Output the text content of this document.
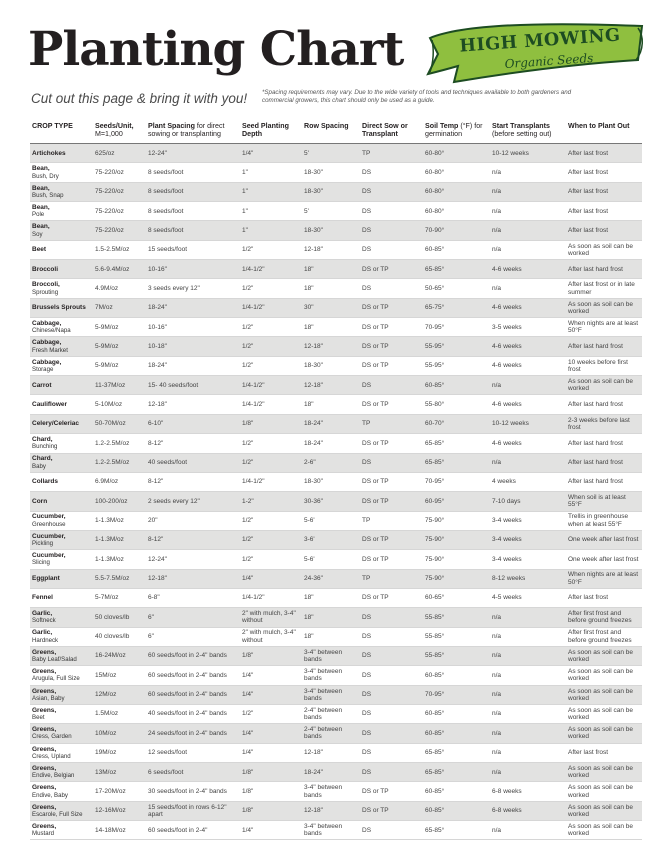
Planting Chart	HIGH MOWING
Organic Seeds

Cut out this page & bring it with you! *Spacing requirements may vary. Due to the wide variety of tools and techniques available to both gardeners and commercial growers, this chart should only be used as a guide.

CROP TYPE	Seeds/Unit, M=1,000	Plant Spacing for direct sowing or transplanting	Seed Planting Depth	Row Spacing	Direct Sow or Transplant	Soil Temp (°F) for germination	Start Transplants (before setting out)	When to Plant Out

Artichokes	625/oz	12-24"	1/4"	5'	TP	60-80°	10-12 weeks	After last frost

Bean,
Bush, Dry	75-220/oz	8 seeds/foot	1"	18-30"	DS	60-80°	n/a	After last frost

Bean,
Bush, Snap	75-220/oz	8 seeds/foot	1"	18-30"	DS	60-80°	n/a	After last frost

Bean,
Pole	75-220/oz	8 seeds/foot	1"	5'	DS	60-80°	n/a	After last frost

Bean,
Soy	75-220/oz	8 seeds/foot	1"	18-30"	DS	70-90°	n/a	After last frost

Beet	1.5-2.5M/oz	15 seeds/foot	1/2"	12-18"	DS	60-85°	n/a	As soon as soil can be worked

Broccoli	5.6-9.4M/oz	10-16"	1/4-1/2"	18"	DS or TP	65-85°	4-6 weeks	After last hard frost

Broccoli,
Sprouting	4.9M/oz	3 seeds every 12"	1/2"	18"	DS	50-65°	n/a	After last frost or in late summer

Brussels Sprouts	7M/oz	18-24"	1/4-1/2"	30"	DS or TP	65-75°	4-6 weeks	As soon as soil can be worked

Cabbage,
Chinese/Napa	5-9M/oz	10-16"	1/2"	18"	DS or TP	70-95°	3-5 weeks	When nights are at least 50°F

Cabbage,
Fresh Market	5-9M/oz	10-18"	1/2"	12-18"	DS or TP	55-95°	4-6 weeks	After last hard frost

Cabbage,
Storage	5-9M/oz	18-24"	1/2"	18-30"	DS or TP	55-95°	4-6 weeks	10 weeks before first frost

Carrot	11-37M/oz	15- 40 seeds/foot	1/4-1/2"	12-18"	DS	60-85°	n/a	As soon as soil can be worked

Cauliflower	5-10M/oz	12-18"	1/4-1/2"	18"	DS or TP	55-80°	4-6 weeks	After last hard frost

Celery/Celeriac	50-70M/oz	6-10"	1/8"	18-24"	TP	60-70°	10-12 weeks	2-3 weeks before last frost

Chard,
Bunching	1.2-2.5M/oz	8-12"	1/2"	18-24"	DS or TP	65-85°	4-6 weeks	After last hard frost

Chard,
Baby	1.2-2.5M/oz	40 seeds/foot	1/2"	2-6"	DS	65-85°	n/a	After last hard frost

Collards	6.9M/oz	8-12"	1/4-1/2"	18-30"	DS or TP	70-95°	4 weeks	After last hard frost

Corn	100-200/oz	2 seeds every 12"	1-2"	30-36"	DS or TP	60-95°	7-10 days	When soil is at least 55°F

Cucumber,
Greenhouse	1-1.3M/oz	20"	1/2"	5-6'	TP	75-90°	3-4 weeks	Trellis in greenhouse when at least 55°F

Cucumber,
Pickling	1-1.3M/oz	8-12"	1/2"	3-6'	DS or TP	75-90°	3-4 weeks	One week after last frost

Cucumber,
Slicing	1-1.3M/oz	12-24"	1/2"	5-6'	DS or TP	75-90°	3-4 weeks	One week after last frost

Eggplant	5.5-7.5M/oz	12-18"	1/4"	24-36"	TP	75-90°	8-12 weeks	When nights are at least 50°F

Fennel	5-7M/oz	6-8"	1/4-1/2"	18"	DS or TP	60-65°	4-5 weeks	After last frost

Garlic,
Softneck	50 cloves/lb	6"	2" with mulch, 3-4" without	18"	DS	55-85°	n/a	After first frost and before ground freezes

Garlic,
Hardneck	40 cloves/lb	6"	2" with mulch, 3-4" without	18"	DS	55-85°	n/a	After first frost and before ground freezes

Greens,
Baby Leaf/Salad	16-24M/oz	60 seeds/foot in 2-4" bands	1/8"	3-4" between bands	DS	55-85°	n/a	As soon as soil can be worked

Greens,
Arugula, Full Size	15M/oz	60 seeds/foot in 2-4" bands	1/4"	3-4" between bands	DS	60-85°	n/a	As soon as soil can be worked

Greens,
Asian, Baby	12M/oz	60 seeds/foot in 2-4" bands	1/4"	3-4" between bands	DS	70-95°	n/a	As soon as soil can be worked

Greens,
Beet	1.5M/oz	40 seeds/foot in 2-4" bands	1/2"	2-4" between bands	DS	60-85°	n/a	As soon as soil can be worked

Greens,
Cress, Garden	10M/oz	24 seeds/foot in 2-4" bands	1/4"	2-4" between bands	DS	60-85°	n/a	As soon as soil can be worked

Greens,
Cress, Upland	19M/oz	12 seeds/foot	1/4"	12-18"	DS	65-85°	n/a	After last frost

Greens,
Endive, Belgian	13M/oz	6 seeds/foot	1/8"	18-24"	DS	65-85°	n/a	As soon as soil can be worked

Greens,
Endive, Baby	17-20M/oz	30 seeds/foot in 2-4" bands	1/8"	3-4" between bands	DS or TP	60-85°	6-8 weeks	As soon as soil can be worked

Greens,
Escarole, Full Size	12-16M/oz	15 seeds/foot in rows 6-12" apart	1/8"	12-18"	DS or TP	60-85°	6-8 weeks	As soon as soil can be worked

Greens,
Mustard	14-18M/oz	60 seeds/foot in 2-4"	1/4"	3-4" between bands	DS	65-85°	n/a	As soon as soil can be worked
